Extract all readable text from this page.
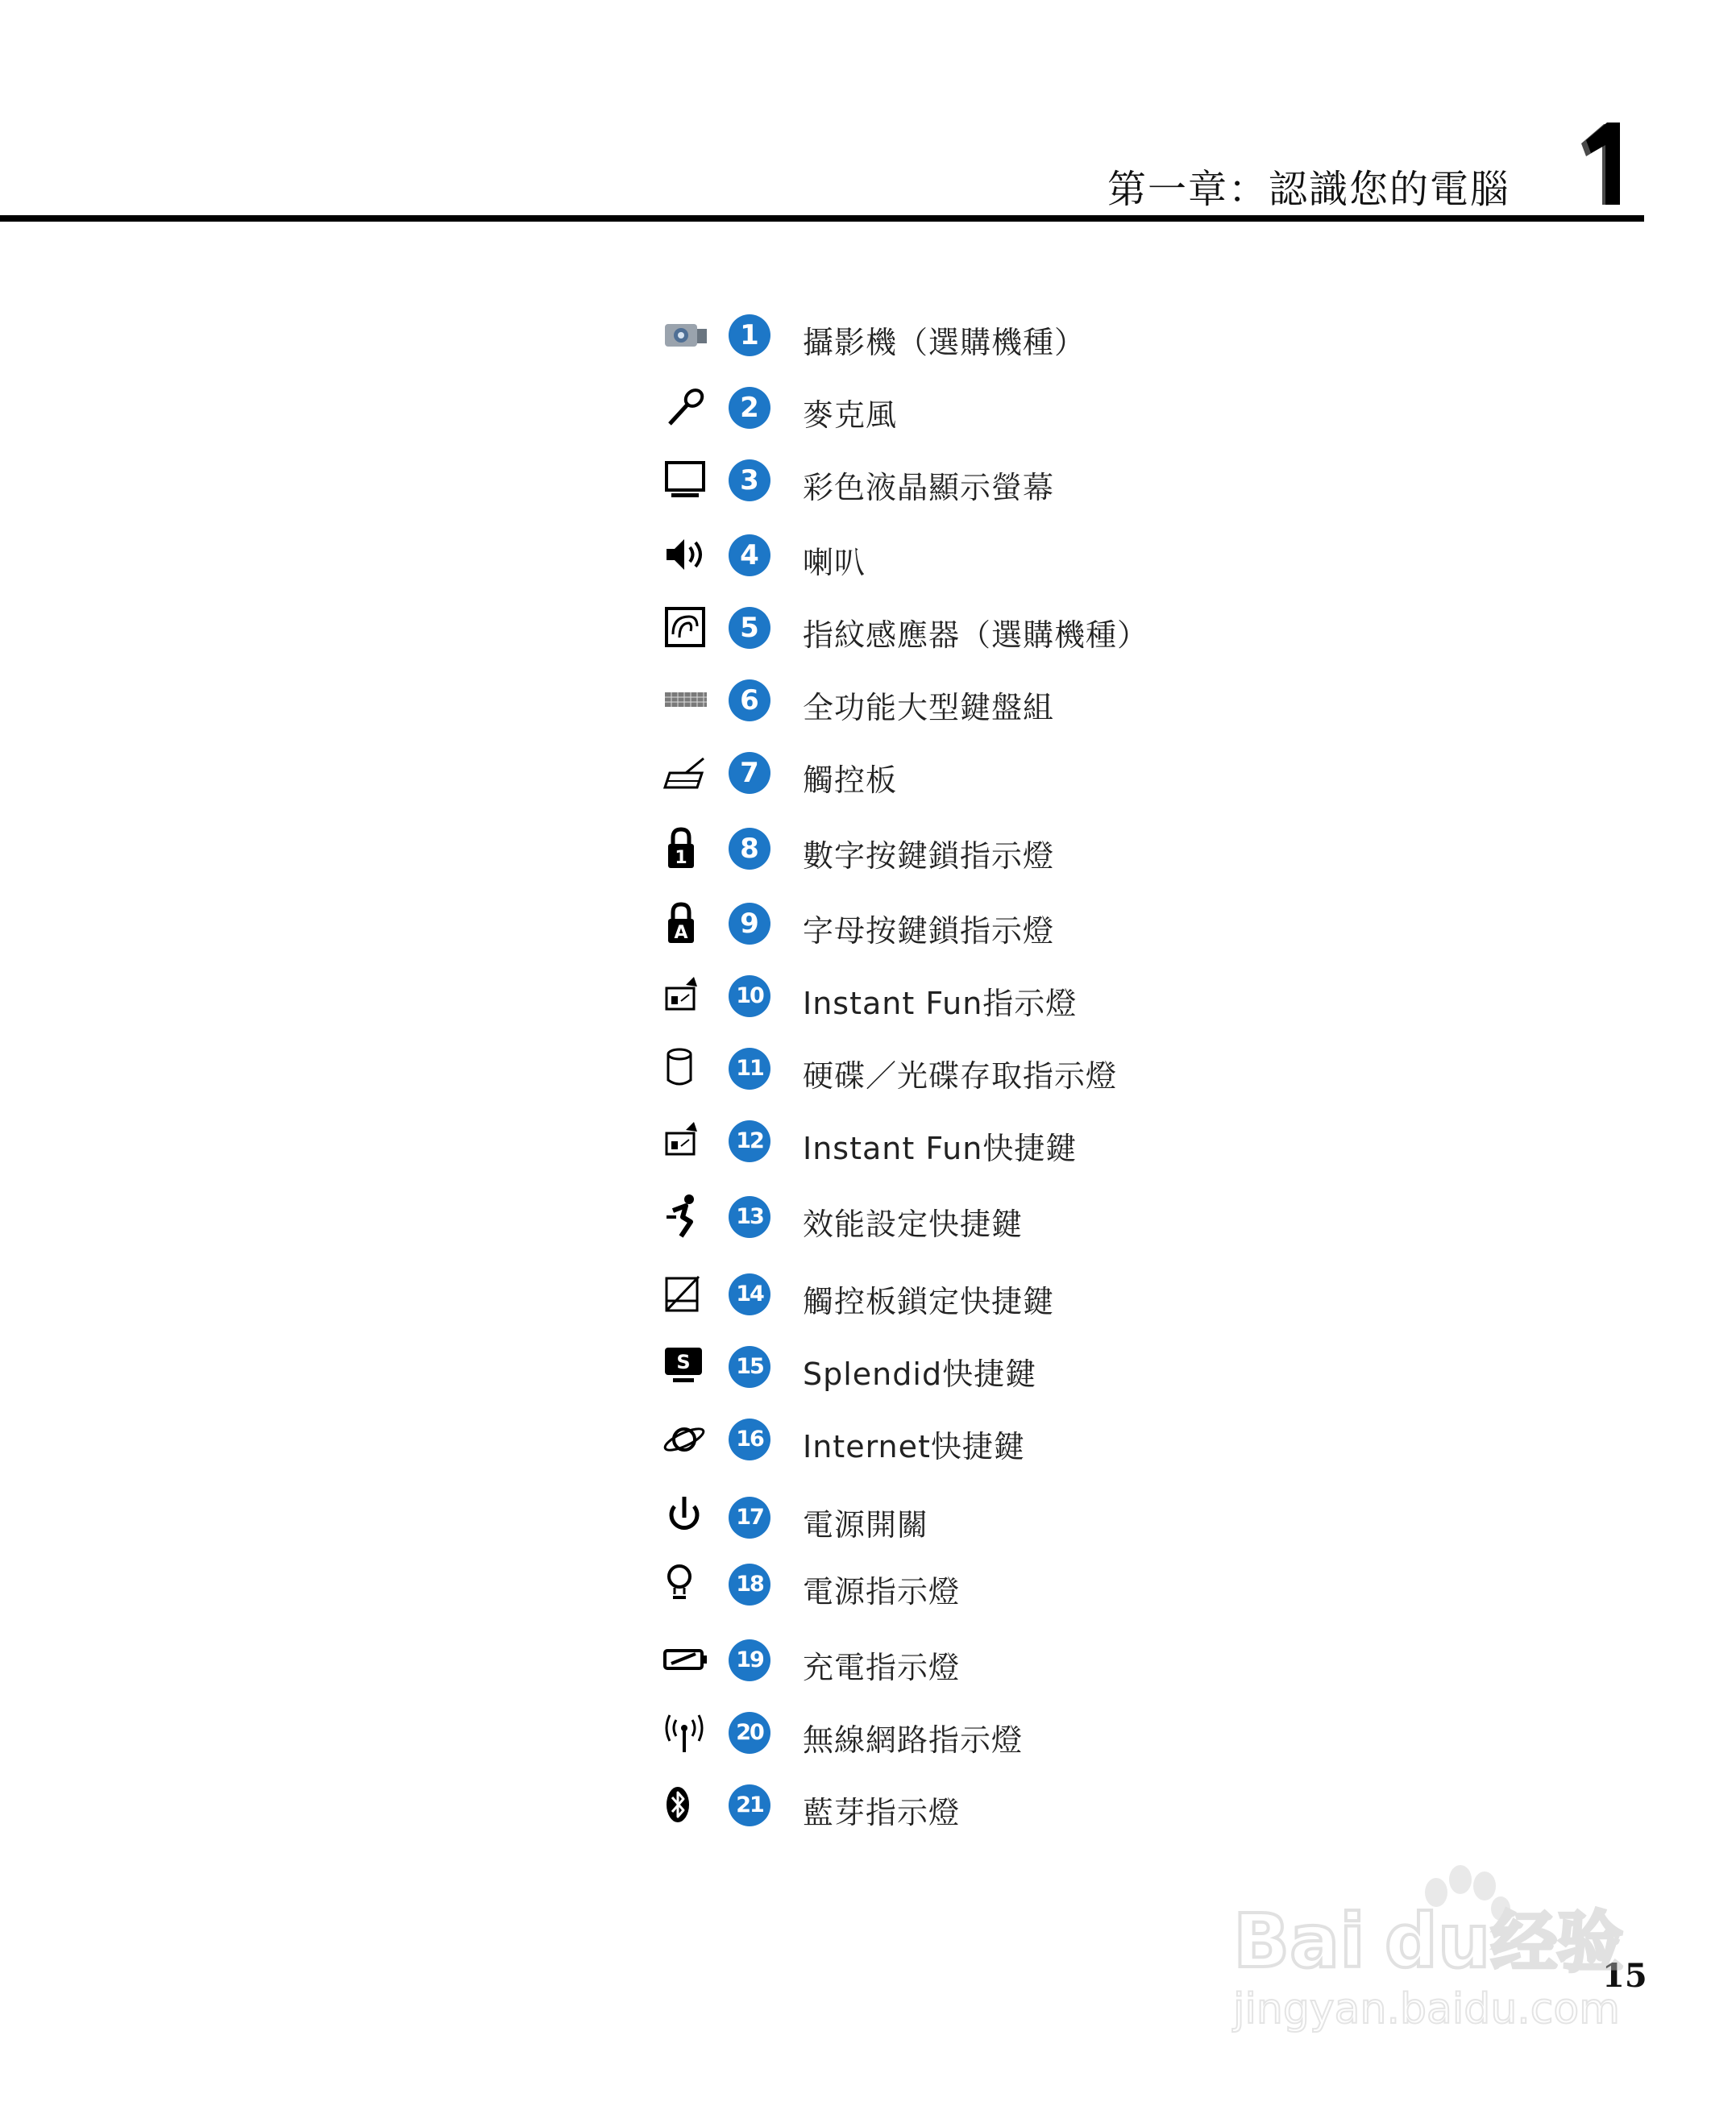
第一章：認識您的電腦
1	攝影機（選購機種）
2	麥克風
3	彩色液晶顯示螢幕
4	喇叭
5	指紋感應器（選購機種）
6	全功能大型鍵盤組
7	觸控板
1	8	數字按鍵鎖指示燈
A	9	字母按鍵鎖指示燈
10 Instant Fun指示燈
11 硬碟／光碟存取指示燈
12 Instant Fun快捷鍵
13 效能設定快捷鍵
14 觸控板鎖定快捷鍵
S	15 Splendid快捷鍵
16 Internet快捷鍵
17 電源開關
18 電源指示燈
19 充電指示燈
20 無線網路指示燈
21 藍芽指示燈
15
Bai du 经验
jingyan.baidu.com
